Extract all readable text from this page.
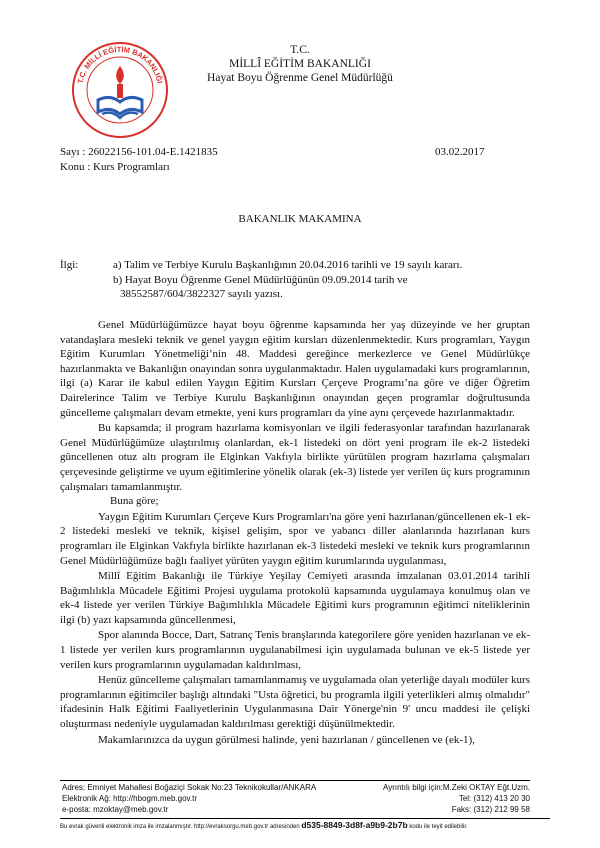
T.C. MİLLİ EĞİTİM BAKANLIĞI
T.C.
MİLLÎ EĞİTİM BAKANLIĞI
Hayat Boyu Öğrenme Genel Müdürlüğü
Sayı : 26022156-101.04-E.1421835	03.02.2017
Konu : Kurs Programları
BAKANLIK MAKAMINA
İlgi:	a) Talim ve Terbiye Kurulu Başkanlığının 20.04.2016 tarihli ve 19 sayılı kararı.
b) Hayat Boyu Öğrenme Genel Müdürlüğünün 09.09.2014 tarih ve
38552587/604/3822327 sayılı yazısı.

Genel Müdürlüğümüzce hayat boyu öğrenme kapsamında her yaş düzeyinde ve her gruptan vatandaşlara mesleki teknik ve genel yaygın eğitim kursları düzenlenmektedir. Kurs programları, Yaygın Eğitim Kurumları Yönetmeliği’nin 48. Maddesi gereğince merkezlerce ve Genel Müdürlükçe hazırlanmakta ve Bakanlığın onayından sonra uygulanmaktadır. Halen uygulamadaki kurs programlarının, ilgi (a) Karar ile kabul edilen Yaygın Eğitim Kursları Çerçeve Programı’na göre ve diğer Öğretim Dairelerince Talim ve Terbiye Kurulu Başkanlığının onayından geçen programlar doğrultusunda güncelleme çalışmaları devam etmekte, yeni kurs programları da yine aynı çerçevede hazırlanmaktadır.

Bu kapsamda; il program hazırlama komisyonları ve ilgili federasyonlar tarafından hazırlanarak Genel Müdürlüğümüze ulaştırılmış olanlardan, ek-1 listedeki on dört yeni program ile ek-2 listedeki güncellenen otuz altı program ile Elginkan Vakfıyla birlikte yürütülen program hazırlama çalışmaları çerçevesinde geliştirme ve uyum eğitimlerine yönelik olarak (ek-3) listede yer verilen üç kurs programının çalışmaları tamamlanmıştır.

Buna göre;

Yaygın Eğitim Kurumları Çerçeve Kurs Programları'na göre yeni hazırlanan/güncellenen ek-1 ek-2 listedeki mesleki ve teknik, kişisel gelişim, spor ve yabancı diller alanlarında hazırlanan kurs programları ile Elginkan Vakfıyla birlikte hazırlanan ek-3 listedeki mesleki ve teknik kurs programlarının Genel Müdürlüğümüze bağlı faaliyet yürüten yaygın eğitim kurumlarında uygulanması,

Millî Eğitim Bakanlığı ile Türkiye Yeşilay Cemiyeti arasında imzalanan 03.01.2014 tarihli Bağımlılıkla Mücadele Eğitimi Projesi uygulama protokolü kapsamında uygulamaya konulmuş olan ve ek-4 listede yer verilen Türkiye Bağımlılıkla Mücadele Eğitimi kurs programının eğitimci niteliklerinin ilgi (b) yazı kapsamında güncellenmesi,

Spor alanında Bocce, Dart, Satranç Tenis branşlarında kategorilere göre yeniden hazırlanan ve ek-1 listede yer verilen kurs programlarının uygulanabilmesi için uygulamada bulunan ve ek-5 listede yer verilen kurs programlarının uygulamadan kaldırılması,

Henüz güncelleme çalışmaları tamamlanmamış ve uygulamada olan yeterliğe dayalı modüler kurs programlarının eğitimciler başlığı altındaki "Usta öğretici, bu programla ilgili yeterlikleri almış olmalıdır" ifadesinin Halk Eğitimi Faaliyetlerinin Uygulanmasına Dair Yönerge'nin 9' uncu maddesi ile çelişki oluşturması nedeniyle uygulamadan kaldırılması gerektiği düşünülmektedir.

Makamlarınızca da uygun görülmesi halinde, yeni hazırlanan / güncellenen ve (ek-1),

Adres: Emniyet Mahallesi Boğaziçi Sokak No:23 Teknikokullar/ANKARA
Elektronik Ağ: http://hbogm.meb.gov.tr
e-posta: mzoktay@meb.gov.tr
Ayrıntılı bilgi için:M.Zeki OKTAY Eğt.Uzm.
Tel: (312) 413 20 30
Faks: (312) 212 99 58
Bu evrak güvenli elektronik imza ile imzalanmıştır. http://evraksorgu.meb.gov.tr adresinden d535-8849-3d8f-a9b9-2b7b kodu ile teyit edilebilir.
